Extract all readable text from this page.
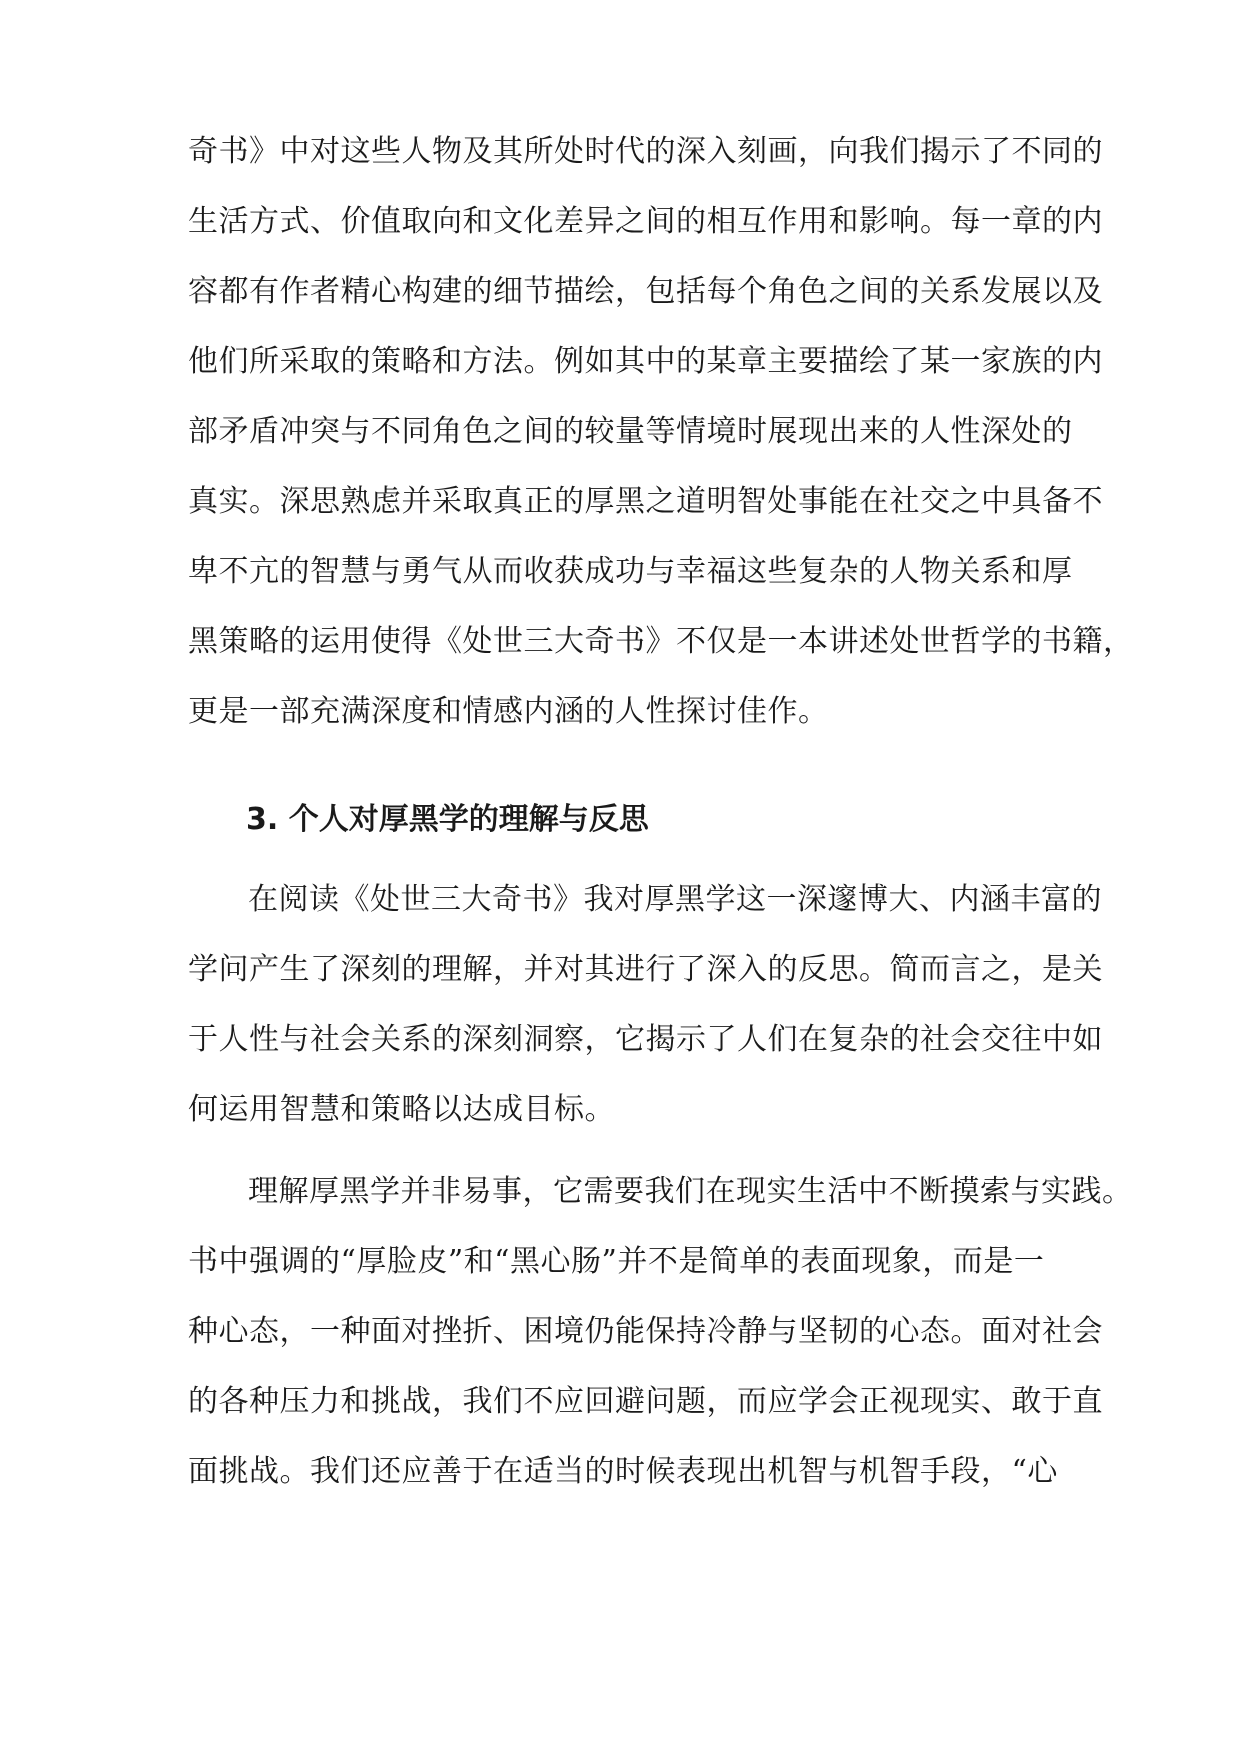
奇书》中对这些人物及其所处时代的深入刻画，向我们揭示了不同的
生活方式、价值取向和文化差异之间的相互作用和影响。每一章的内
容都有作者精心构建的细节描绘，包括每个角色之间的关系发展以及
他们所采取的策略和方法。例如其中的某章主要描绘了某一家族的内
部矛盾冲突与不同角色之间的较量等情境时展现出来的人性深处的
真实。深思熟虑并采取真正的厚黑之道明智处事能在社交之中具备不
卑不亢的智慧与勇气从而收获成功与幸福这些复杂的人物关系和厚
黑策略的运用使得《处世三大奇书》不仅是一本讲述处世哲学的书籍，
更是一部充满深度和情感内涵的人性探讨佳作。
3. 个人对厚黑学的理解与反思
在阅读《处世三大奇书》我对厚黑学这一深邃博大、内涵丰富的
学问产生了深刻的理解，并对其进行了深入的反思。简而言之，是关
于人性与社会关系的深刻洞察，它揭示了人们在复杂的社会交往中如
何运用智慧和策略以达成目标。
理解厚黑学并非易事，它需要我们在现实生活中不断摸索与实践。
书中强调的“厚脸皮”和“黑心肠”并不是简单的表面现象，而是一
种心态，一种面对挫折、困境仍能保持冷静与坚韧的心态。面对社会
的各种压力和挑战，我们不应回避问题，而应学会正视现实、敢于直
面挑战。我们还应善于在适当的时候表现出机智与机智手段，“心
